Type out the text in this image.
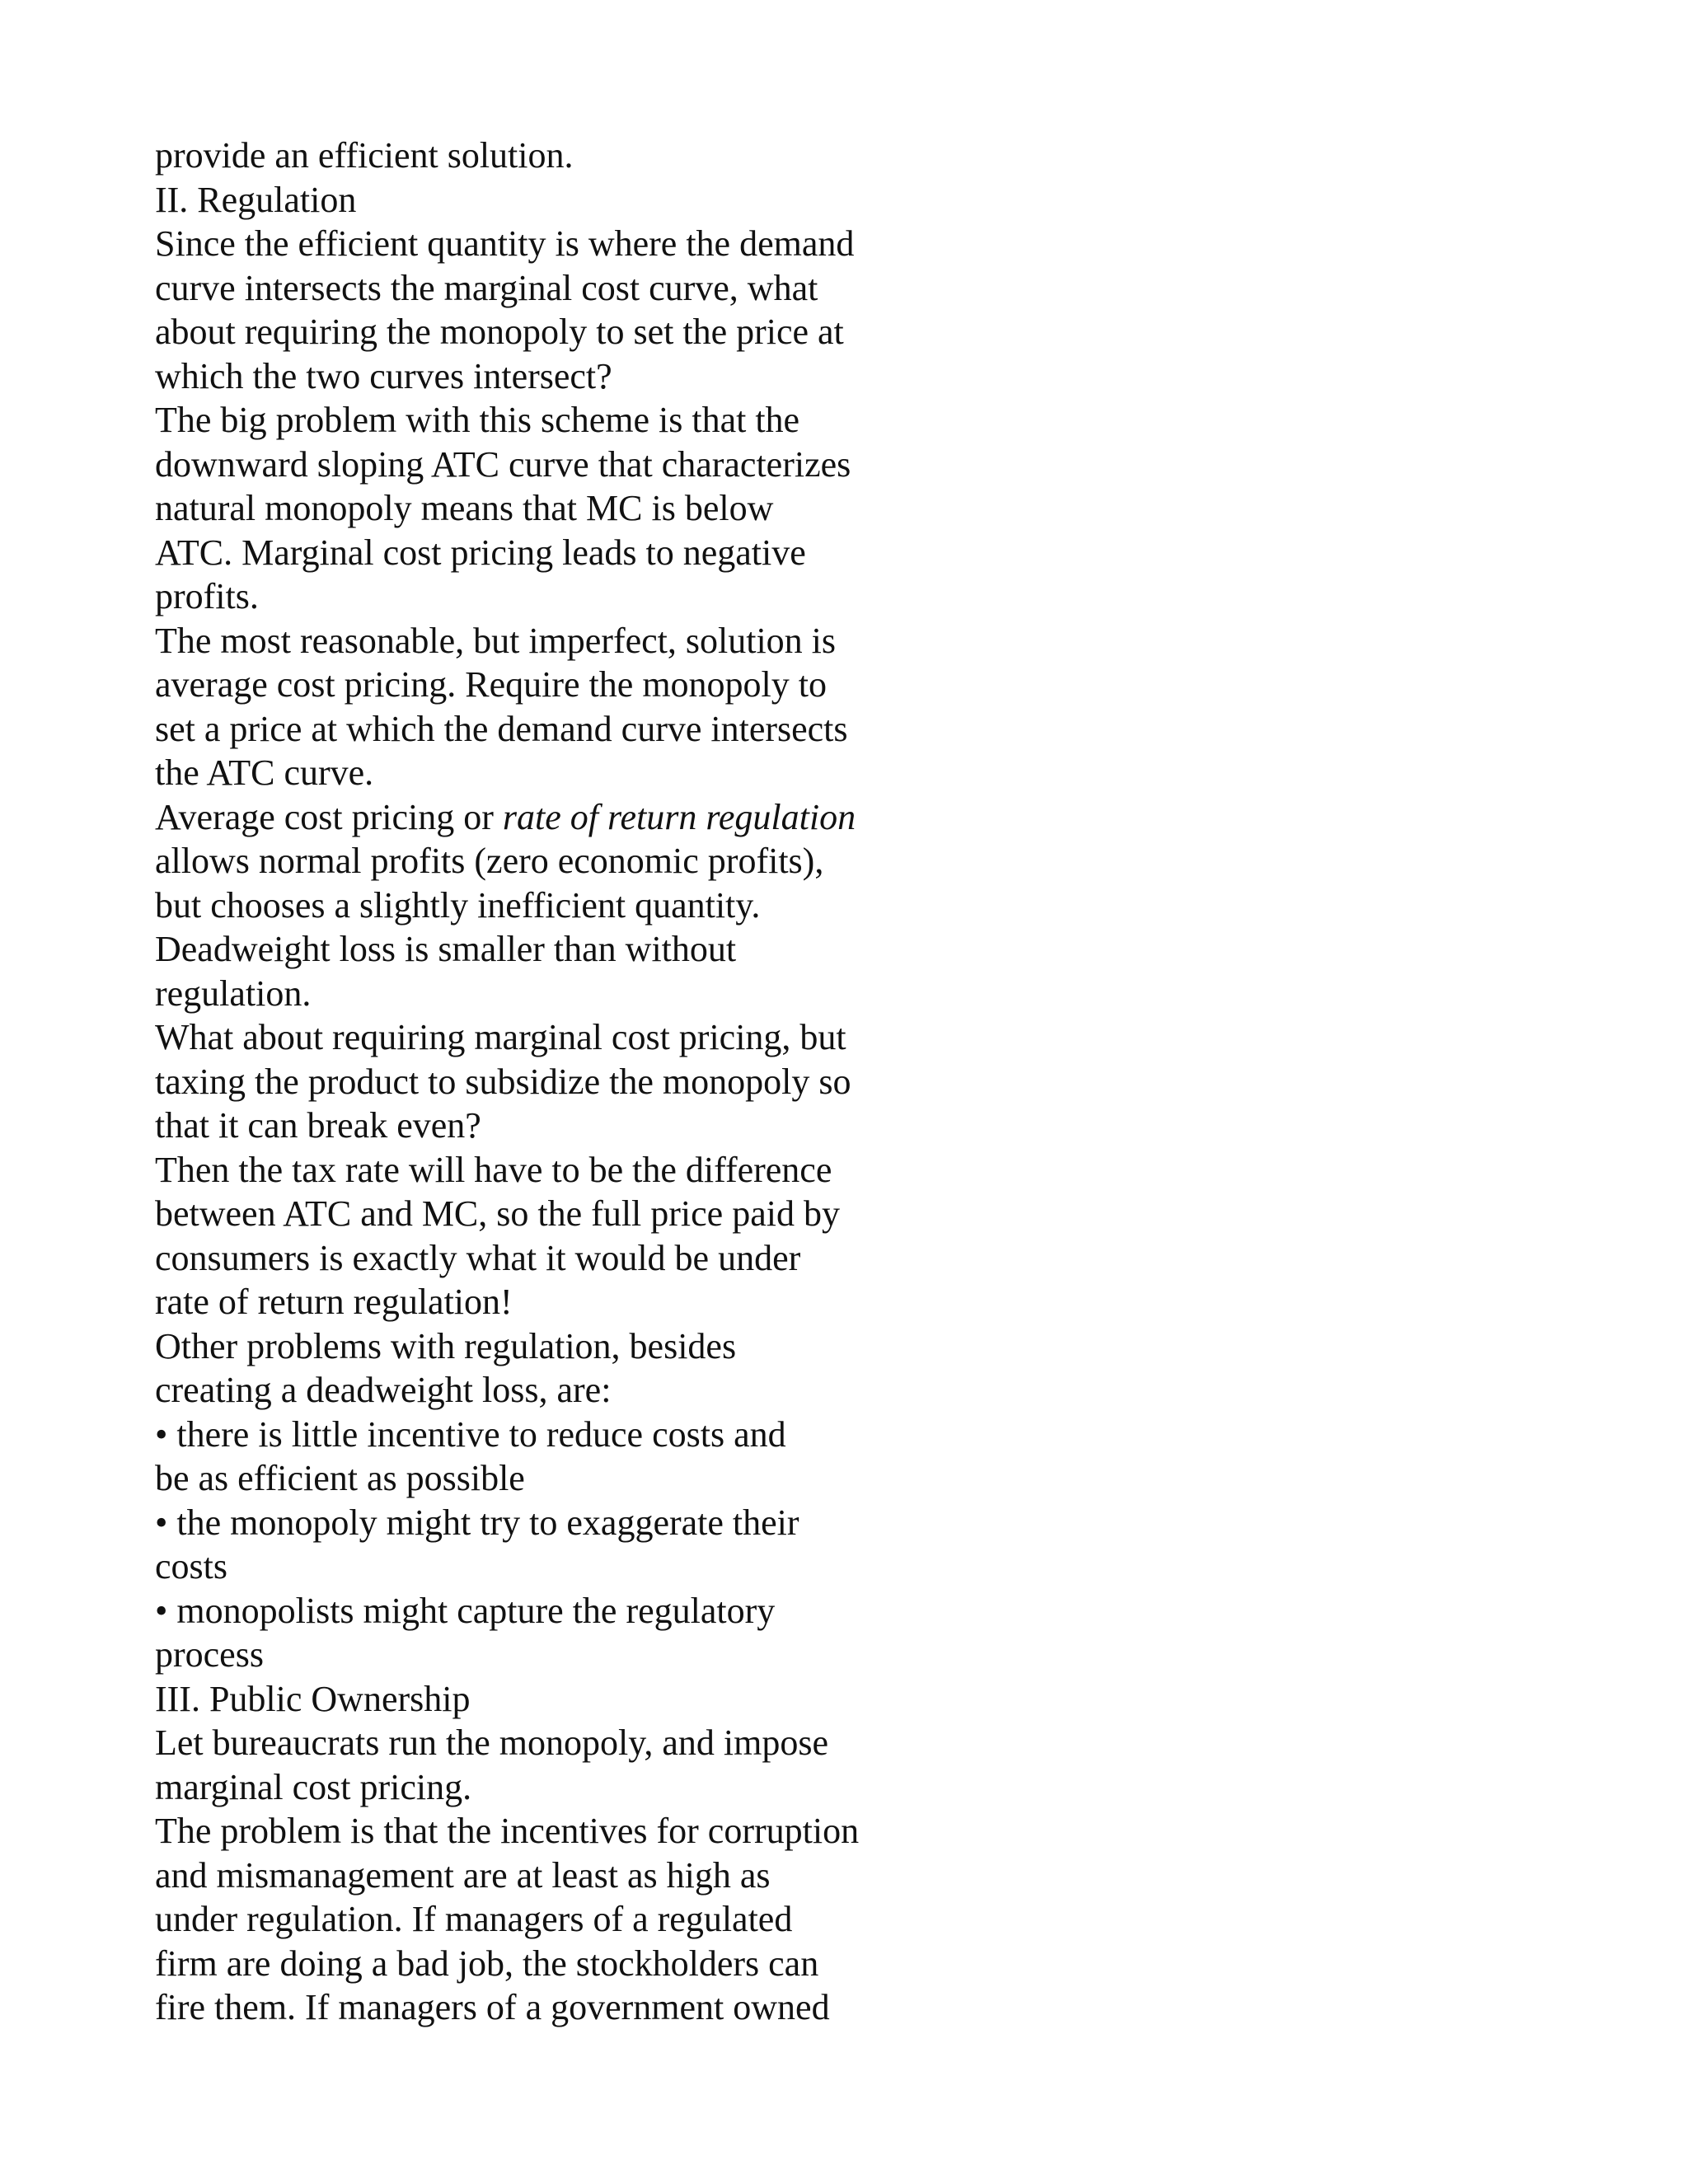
provide an efficient solution.
II. Regulation
Since the efficient quantity is where the demand
curve intersects the marginal cost curve, what
about requiring the monopoly to set the price at
which the two curves intersect?
The big problem with this scheme is that the
downward sloping ATC curve that characterizes
natural monopoly means that MC is below
ATC. Marginal cost pricing leads to negative
profits.
The most reasonable, but imperfect, solution is
average cost pricing. Require the monopoly to
set a price at which the demand curve intersects
the ATC curve.
Average cost pricing or rate of return regulation
allows normal profits (zero economic profits),
but chooses a slightly inefficient quantity.
Deadweight loss is smaller than without
regulation.
What about requiring marginal cost pricing, but
taxing the product to subsidize the monopoly so
that it can break even?
Then the tax rate will have to be the difference
between ATC and MC, so the full price paid by
consumers is exactly what it would be under
rate of return regulation!
Other problems with regulation, besides
creating a deadweight loss, are:
• there is little incentive to reduce costs and
be as efficient as possible
• the monopoly might try to exaggerate their
costs
• monopolists might capture the regulatory
process
III. Public Ownership
Let bureaucrats run the monopoly, and impose
marginal cost pricing.
The problem is that the incentives for corruption
and mismanagement are at least as high as
under regulation. If managers of a regulated
firm are doing a bad job, the stockholders can
fire them. If managers of a government owned
